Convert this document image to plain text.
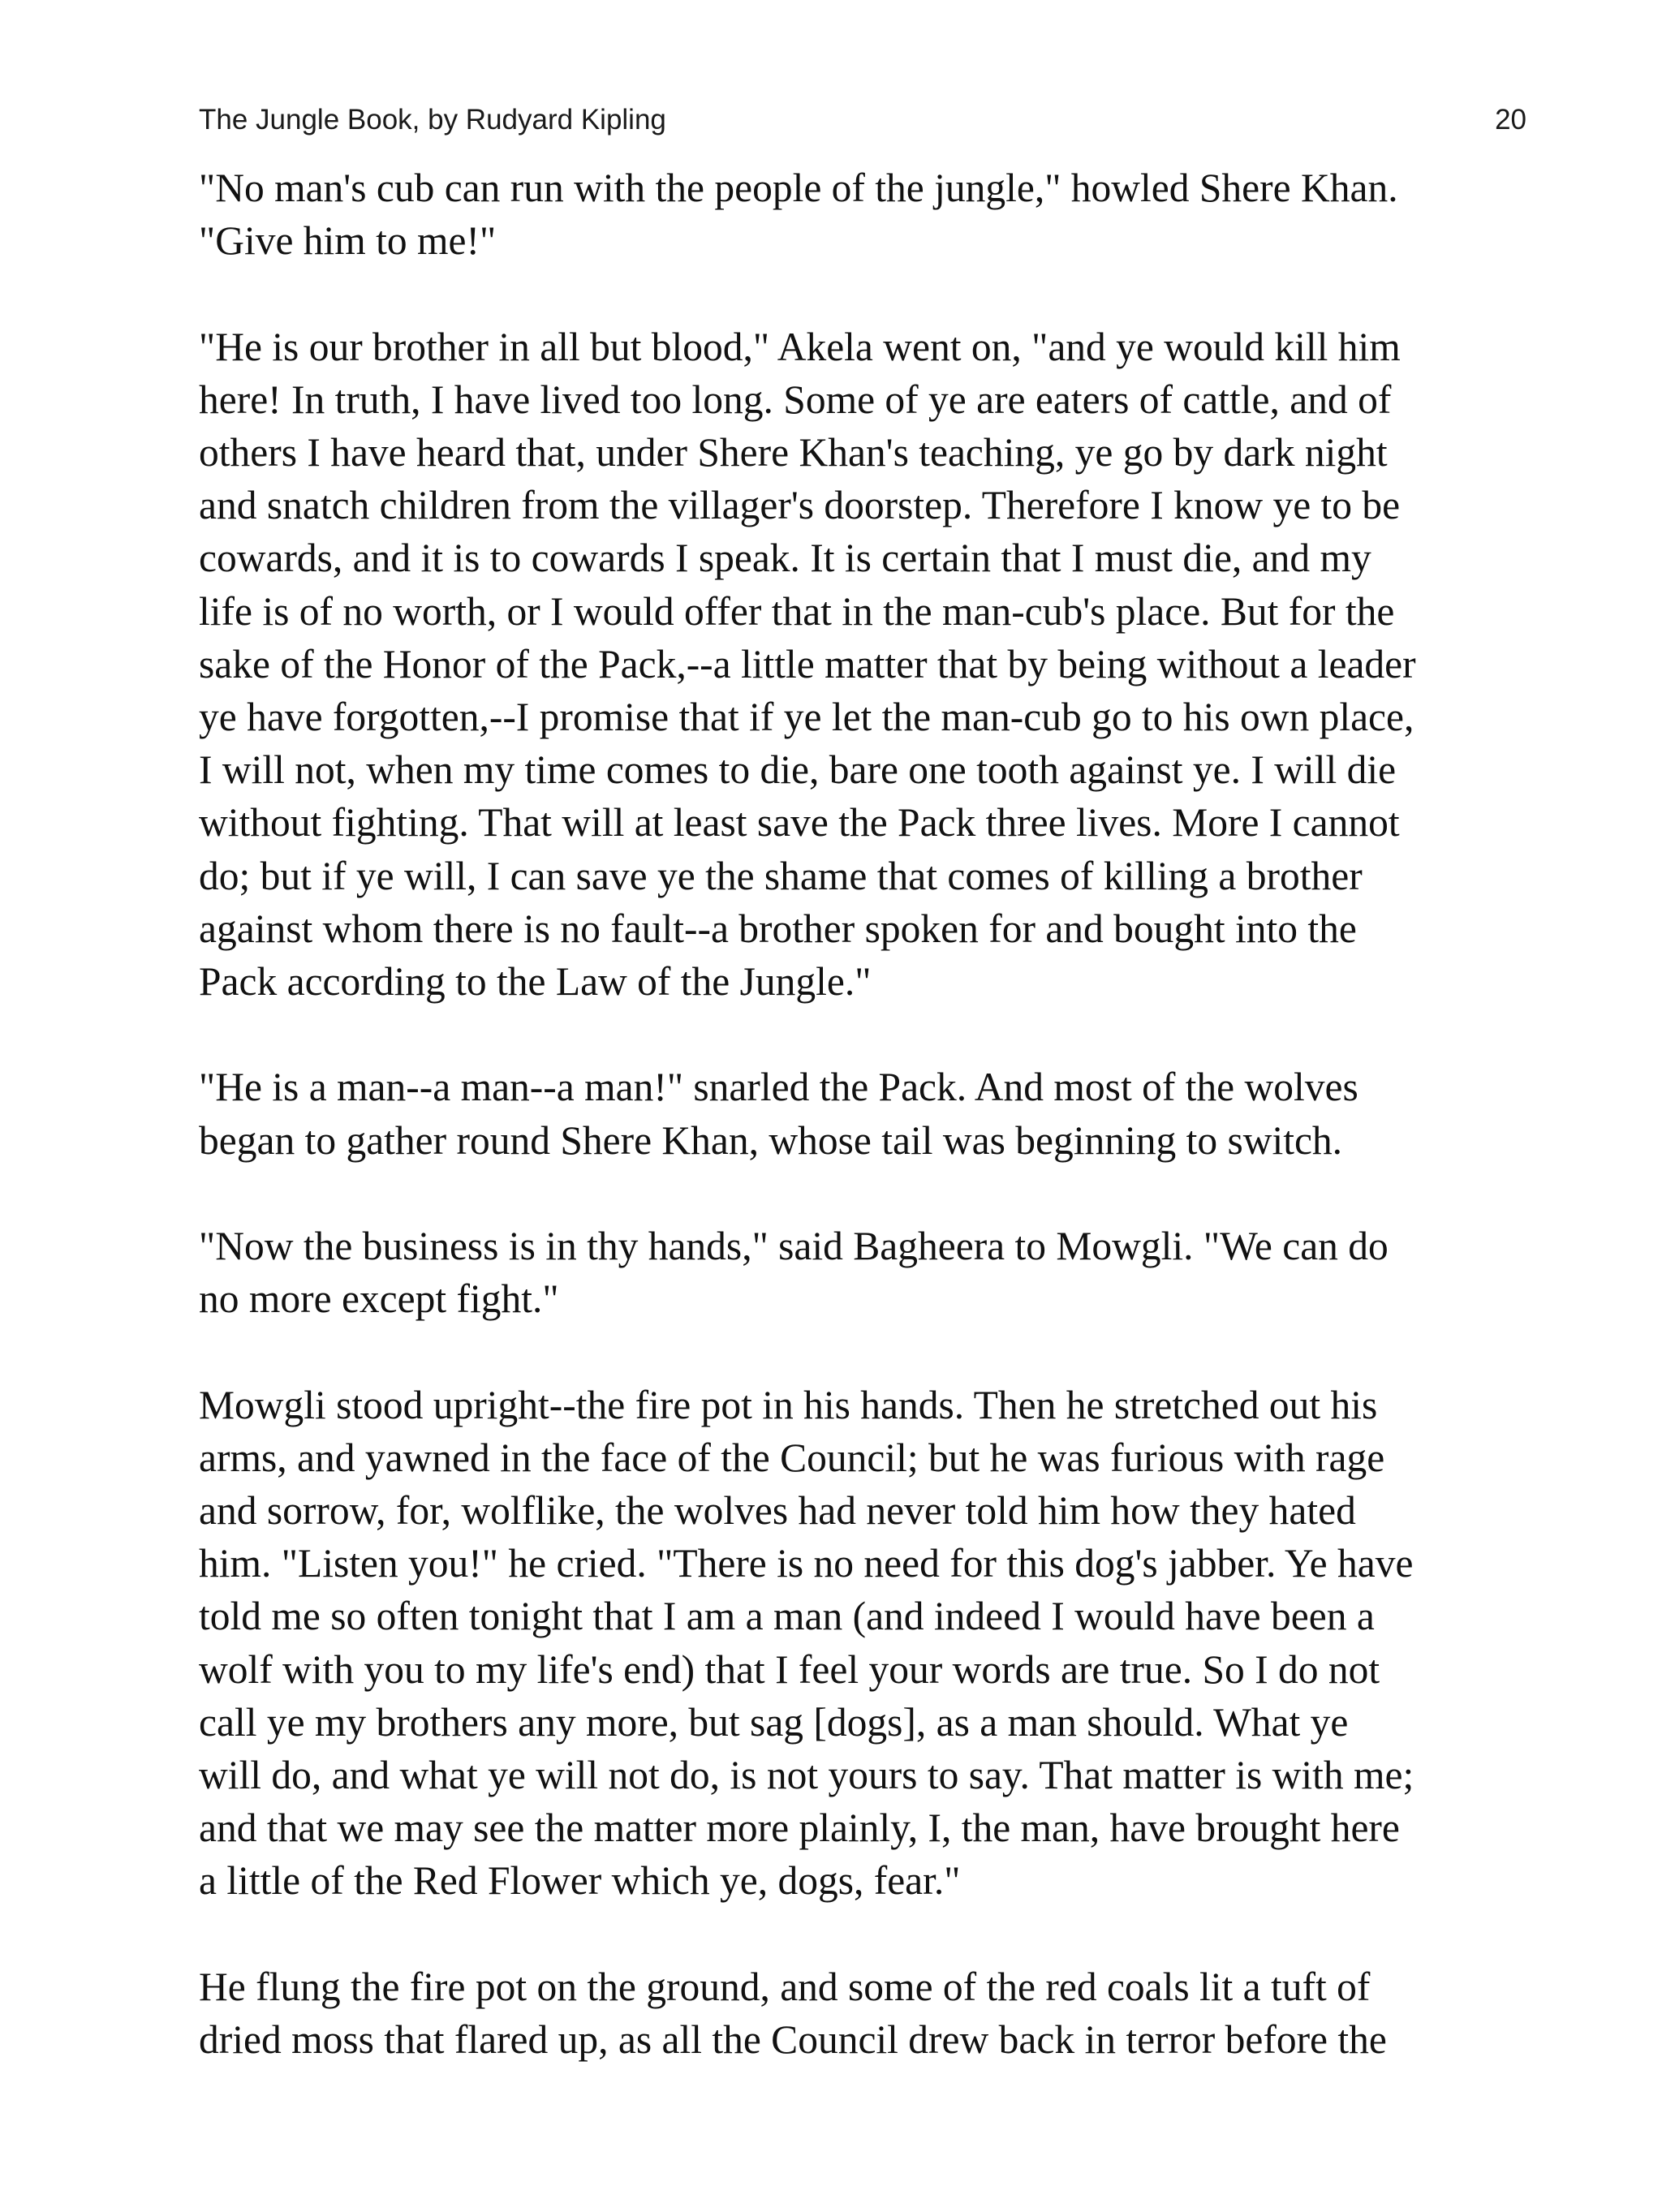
The Jungle Book, by Rudyard Kipling	20

"No man's cub can run with the people of the jungle," howled Shere Khan.
"Give him to me!"

"He is our brother in all but blood," Akela went on, "and ye would kill him
here! In truth, I have lived too long. Some of ye are eaters of cattle, and of
others I have heard that, under Shere Khan's teaching, ye go by dark night
and snatch children from the villager's doorstep. Therefore I know ye to be
cowards, and it is to cowards I speak. It is certain that I must die, and my
life is of no worth, or I would offer that in the man-cub's place. But for the
sake of the Honor of the Pack,--a little matter that by being without a leader
ye have forgotten,--I promise that if ye let the man-cub go to his own place,
I will not, when my time comes to die, bare one tooth against ye. I will die
without fighting. That will at least save the Pack three lives. More I cannot
do; but if ye will, I can save ye the shame that comes of killing a brother
against whom there is no fault--a brother spoken for and bought into the
Pack according to the Law of the Jungle."

"He is a man--a man--a man!" snarled the Pack. And most of the wolves
began to gather round Shere Khan, whose tail was beginning to switch.

"Now the business is in thy hands," said Bagheera to Mowgli. "We can do
no more except fight."

Mowgli stood upright--the fire pot in his hands. Then he stretched out his
arms, and yawned in the face of the Council; but he was furious with rage
and sorrow, for, wolflike, the wolves had never told him how they hated
him. "Listen you!" he cried. "There is no need for this dog's jabber. Ye have
told me so often tonight that I am a man (and indeed I would have been a
wolf with you to my life's end) that I feel your words are true. So I do not
call ye my brothers any more, but sag [dogs], as a man should. What ye
will do, and what ye will not do, is not yours to say. That matter is with me;
and that we may see the matter more plainly, I, the man, have brought here
a little of the Red Flower which ye, dogs, fear."

He flung the fire pot on the ground, and some of the red coals lit a tuft of
dried moss that flared up, as all the Council drew back in terror before the
